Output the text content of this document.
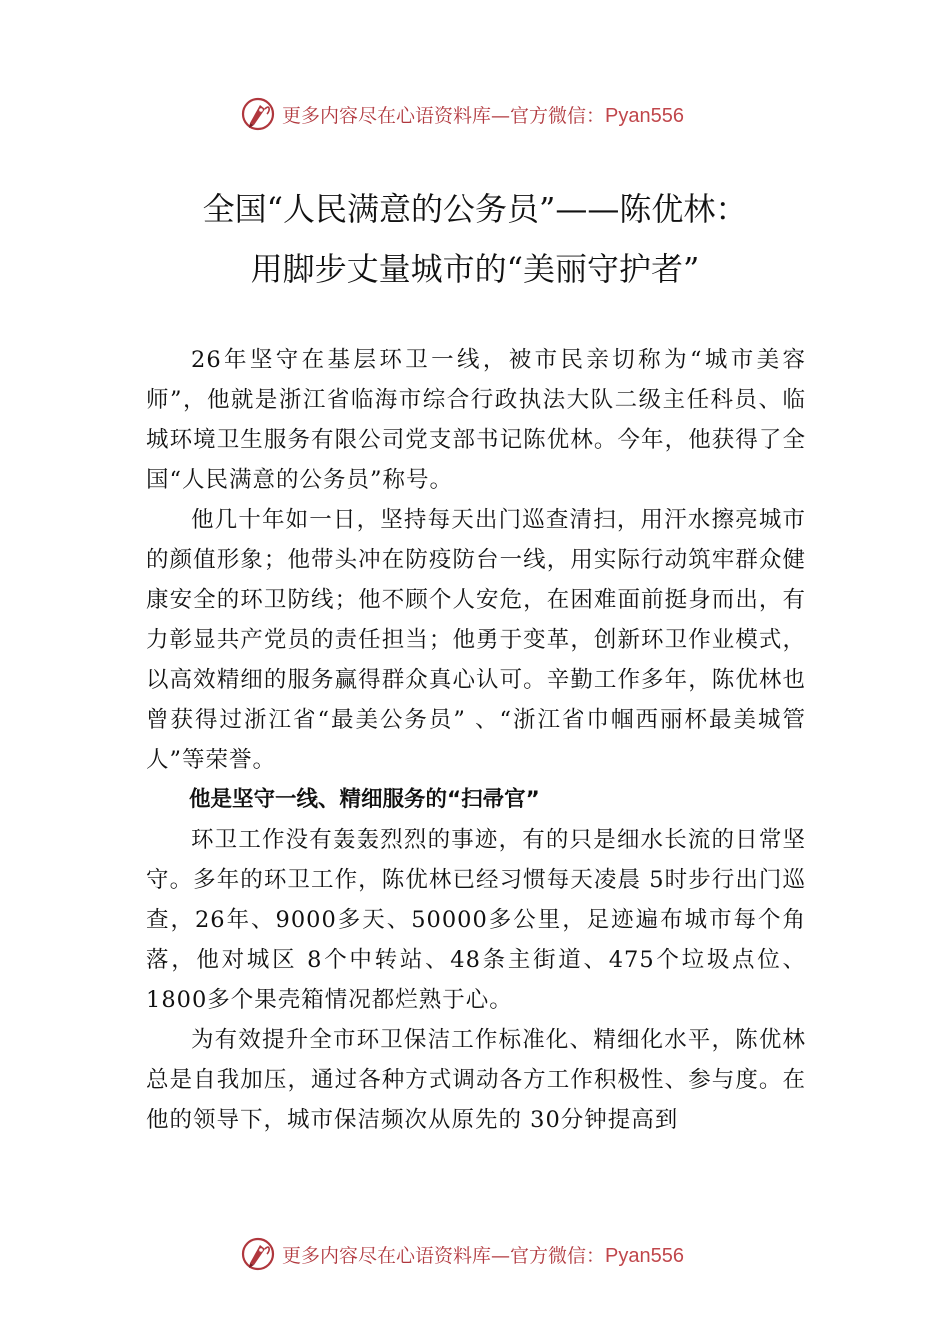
更多内容尽在心语资料库—官方微信：Pyan556
全国“人民满意的公务员”——陈优林：
用脚步丈量城市的“美丽守护者”

26年坚守在基层环卫一线，被市民亲切称为“城市美容师”，他就是浙江省临海市综合行政执法大队二级主任科员、临城环境卫生服务有限公司党支部书记陈优林。今年，他获得了全国“人民满意的公务员”称号。

他几十年如一日，坚持每天出门巡查清扫，用汗水擦亮城市的颜值形象；他带头冲在防疫防台一线，用实际行动筑牢群众健康安全的环卫防线；他不顾个人安危，在困难面前挺身而出，有力彰显共产党员的责任担当；他勇于变革，创新环卫作业模式，以高效精细的服务赢得群众真心认可。辛勤工作多年，陈优林也曾获得过浙江省“最美公务员” 、“浙江省巾帼西丽杯最美城管人”等荣誉。

他是坚守一线、精细服务的“扫帚官”

环卫工作没有轰轰烈烈的事迹，有的只是细水长流的日常坚守。多年的环卫工作，陈优林已经习惯每天凌晨 5时步行出门巡查，26年、9000多天、50000多公里，足迹遍布城市每个角落，他对城区 8个中转站、48条主街道、475个垃圾点位、1800多个果壳箱情况都烂熟于心。

为有效提升全市环卫保洁工作标准化、精细化水平，陈优林总是自我加压，通过各种方式调动各方工作积极性、参与度。在他的领导下，城市保洁频次从原先的 30分钟提高到

更多内容尽在心语资料库—官方微信：Pyan556
